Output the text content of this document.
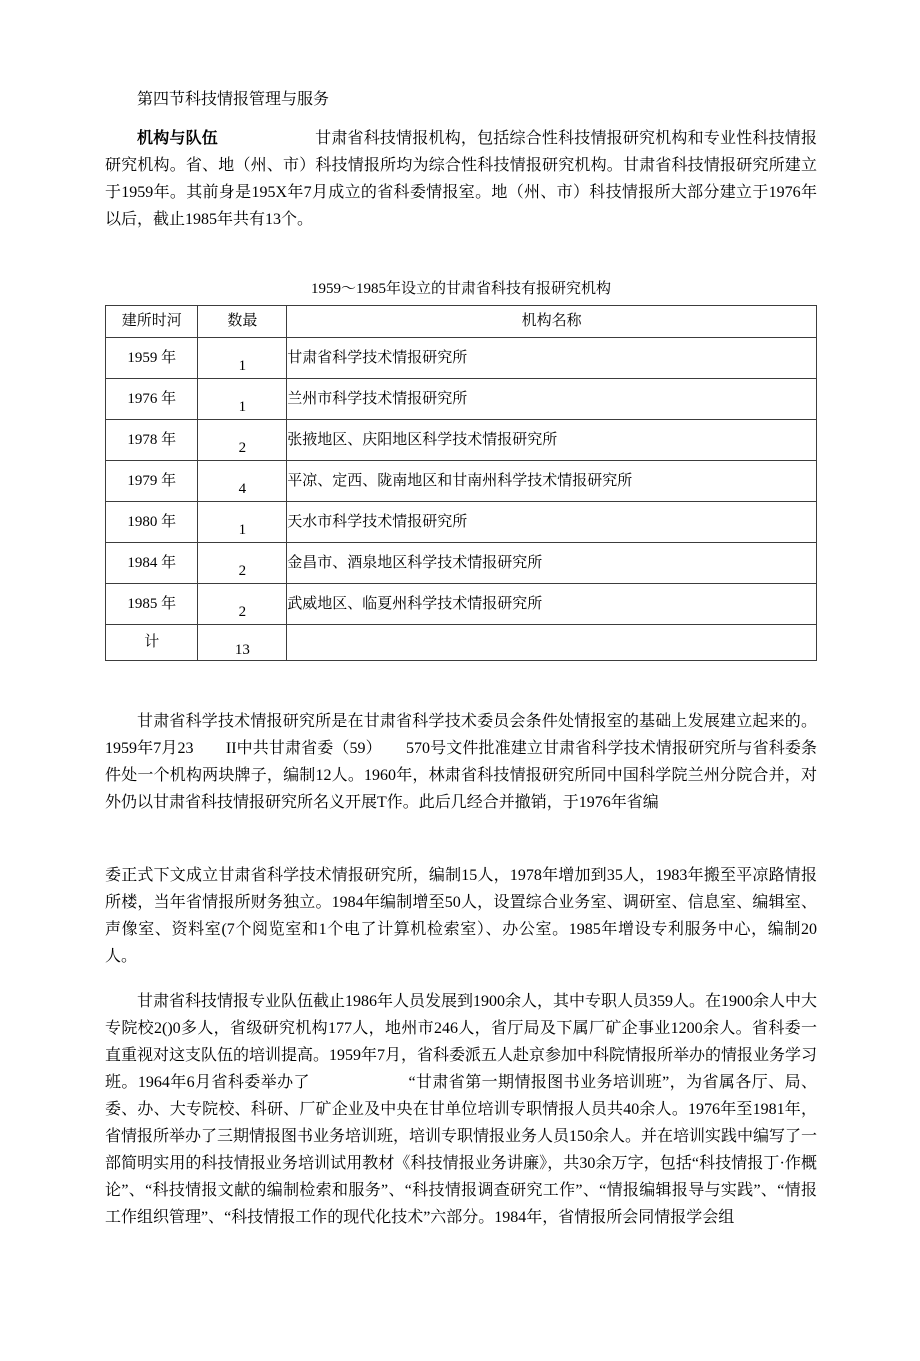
第四节科技情报管理与服务

机构与队伍　　　　　　	甘肃省科技情报机构，包括综合性科技情报研究机构和专业性科技情报研究机构。省、地（州、市）科技情报所均为综合性科技情报研究机构。甘肃省科技情报研究所建立于1959年。其前身是195X年7月成立的省科委情报室。地（州、市）科技情报所大部分建立于1976年以后，截止1985年共有13个。

1959～1985年设立的甘肃省科技有报研究机构

建所时河	数最	机构名称
1959 年	1	甘肃省科学技术情报研究所
1976 年	1	兰州市科学技术情报研究所
1978 年	2	张掖地区、庆阳地区科学技术情报研究所
1979 年	4	平凉、定西、陇南地区和甘南州科学技术情报研究所
1980 年	1	天水市科学技术情报研究所
1984 年	2	金昌市、酒泉地区科学技术情报研究所
1985 年	2	武威地区、临夏州科学技术情报研究所
计	13	

甘肃省科学技术情报研究所是在甘肃省科学技术委员会条件处情报室的基础上发展建立起来的。1959年7月23　　II中共甘肃省委（59）　　570号文件批准建立甘肃省科学技术情报研究所与省科委条件处一个机构两块牌子，编制12人。1960年，林肃省科技情报研究所同中国科学院兰州分院合并，对外仍以甘肃省科技情报研究所名义开展T作。此后几经合并撤销，于1976年省编

委正式下文成立甘肃省科学技术情报研究所，编制15人，1978年增加到35人，1983年搬至平凉路情报所楼，当年省情报所财务独立。1984年编制增至50人，设置综合业务室、调研室、信息室、编辑室、声像室、资料室(7个阅览室和1个电了计算机检索室）、办公室。1985年增设专利服务中心，编制20人。

甘肃省科技情报专业队伍截止1986年人员发展到1900余人，其中专职人员359人。在1900余人中大专院校2()0多人，省级研究机构177人，地州市246人，省厅局及下属厂矿企事业1200余人。省科委一直重视对这支队伍的培训提高。1959年7月，省科委派五人赴京参加中科院情报所举办的情报业务学习班。1964年6月省科委举办了　　　　　　“甘肃省第一期情报图书业务培训班”，为省属各厅、局、委、办、大专院校、科研、厂矿企业及中央在甘单位培训专职情报人员共40余人。1976年至1981年，省情报所举办了三期情报图书业务培训班，培训专职情报业务人员150余人。并在培训实践中编写了一部简明实用的科技情报业务培训试用教材《科技情报业务讲廉》，共30余万字，包括“科技情报丁·作概论”、“科技情报文献的编制检索和服务”、“科技情报调查研究工作”、“情报编辑报导与实践”、“情报工作组织管理”、“科技情报工作的现代化技术”六部分。1984年，省情报所会同情报学会组
